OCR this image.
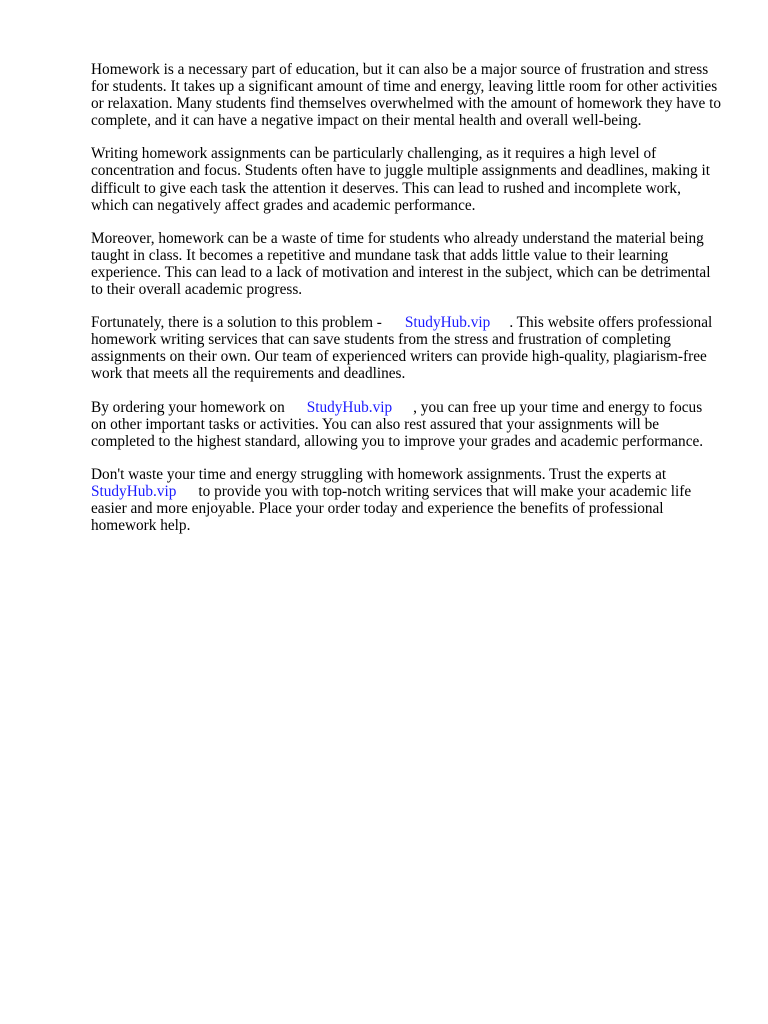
Homework is a necessary part of education, but it can also be a major source of frustration and stress for students. It takes up a significant amount of time and energy, leaving little room for other activities or relaxation. Many students find themselves overwhelmed with the amount of homework they have to complete, and it can have a negative impact on their mental health and overall well-being.

Writing homework assignments can be particularly challenging, as it requires a high level of concentration and focus. Students often have to juggle multiple assignments and deadlines, making it difficult to give each task the attention it deserves. This can lead to rushed and incomplete work, which can negatively affect grades and academic performance.

Moreover, homework can be a waste of time for students who already understand the material being taught in class. It becomes a repetitive and mundane task that adds little value to their learning experience. This can lead to a lack of motivation and interest in the subject, which can be detrimental to their overall academic progress.

Fortunately, there is a solution to this problem - StudyHub.vip . This website offers professional homework writing services that can save students from the stress and frustration of completing assignments on their own. Our team of experienced writers can provide high-quality, plagiarism-free work that meets all the requirements and deadlines.

By ordering your homework on StudyHub.vip , you can free up your time and energy to focus on other important tasks or activities. You can also rest assured that your assignments will be completed to the highest standard, allowing you to improve your grades and academic performance.

Don't waste your time and energy struggling with homework assignments. Trust the experts at StudyHub.vip to provide you with top-notch writing services that will make your academic life easier and more enjoyable. Place your order today and experience the benefits of professional homework help.
